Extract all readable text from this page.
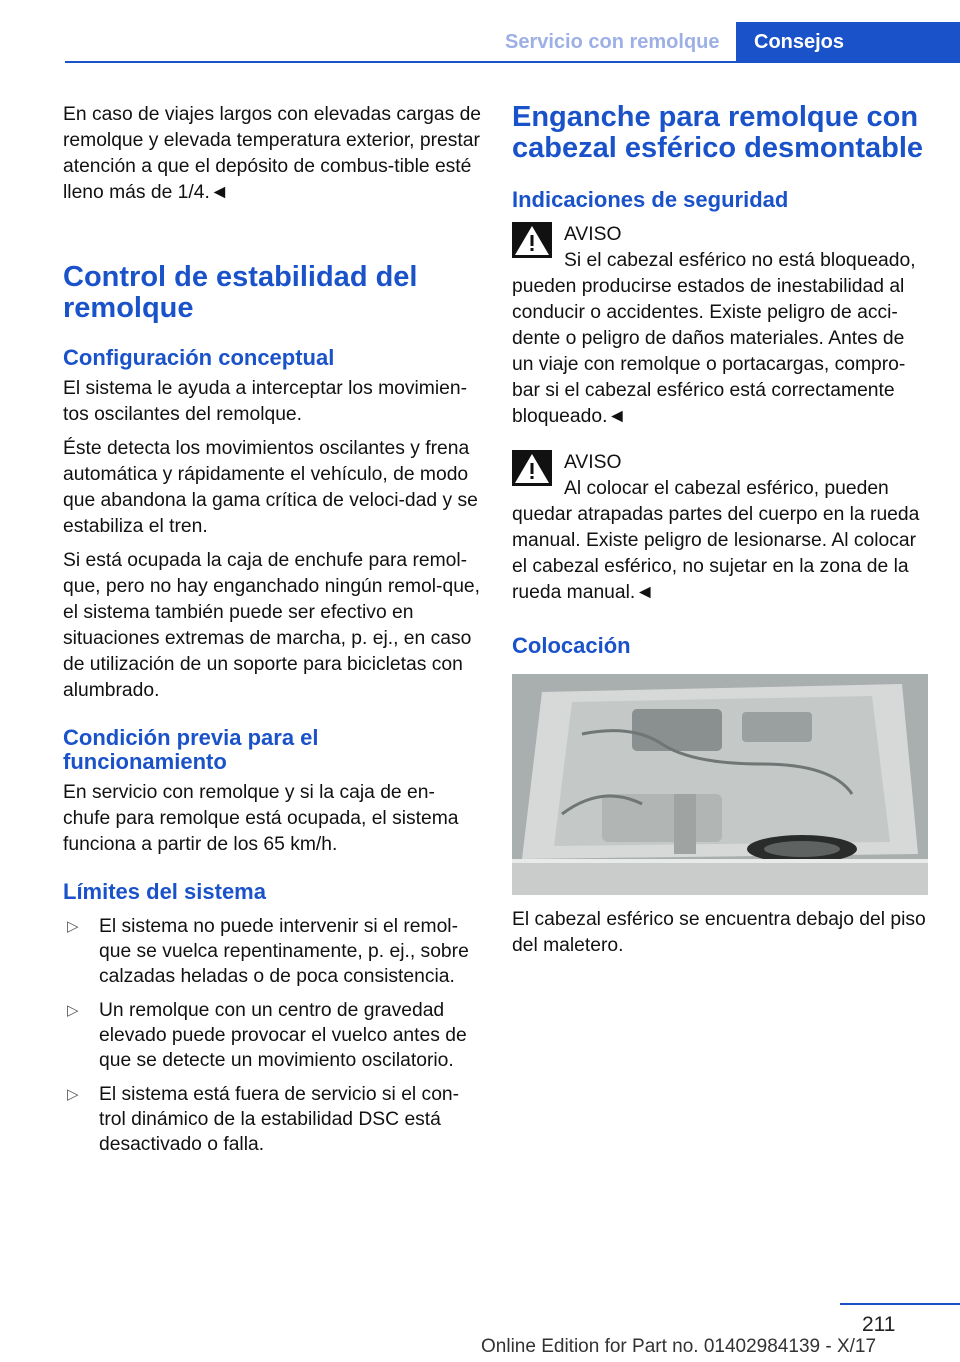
Servicio con remolque	Consejos

En caso de viajes largos con elevadas cargas de remolque y elevada temperatura exterior, prestar atención a que el depósito de combus‐tible esté lleno más de 1/4.◄

Control de estabilidad del remolque
Configuración conceptual

El sistema le ayuda a interceptar los movimien‐tos oscilantes del remolque.

Éste detecta los movimientos oscilantes y frena automática y rápidamente el vehículo, de modo que abandona la gama crítica de veloci‐dad y se estabiliza el tren.

Si está ocupada la caja de enchufe para remol‐que, pero no hay enganchado ningún remol‐que, el sistema también puede ser efectivo en situaciones extremas de marcha, p. ej., en caso de utilización de un soporte para bicicletas con alumbrado.

Condición previa para el funcionamiento

En servicio con remolque y si la caja de en‐chufe para remolque está ocupada, el sistema funciona a partir de los 65 km/h.

Límites del sistema
▷ El sistema no puede intervenir si el remol‐que se vuelca repentinamente, p. ej., sobre calzadas heladas o de poca consistencia.
▷ Un remolque con un centro de gravedad elevado puede provocar el vuelco antes de que se detecte un movimiento oscilatorio.
▷ El sistema está fuera de servicio si el con‐trol dinámico de la estabilidad DSC está desactivado o falla.
Enganche para remolque con cabezal esférico desmontable
Indicaciones de seguridad
AVISO
Si el cabezal esférico no está bloqueado,
pueden producirse estados de inestabilidad al conducir o accidentes. Existe peligro de acci‐dente o peligro de daños materiales. Antes de un viaje con remolque o portacargas, compro‐bar si el cabezal esférico está correctamente bloqueado.◄
AVISO
Al colocar el cabezal esférico, pueden
quedar atrapadas partes del cuerpo en la rueda manual. Existe peligro de lesionarse. Al colocar el cabezal esférico, no sujetar en la zona de la rueda manual.◄
Colocación

El cabezal esférico se encuentra debajo del piso del maletero.

211
Online Edition for Part no. 01402984139 - X/17
